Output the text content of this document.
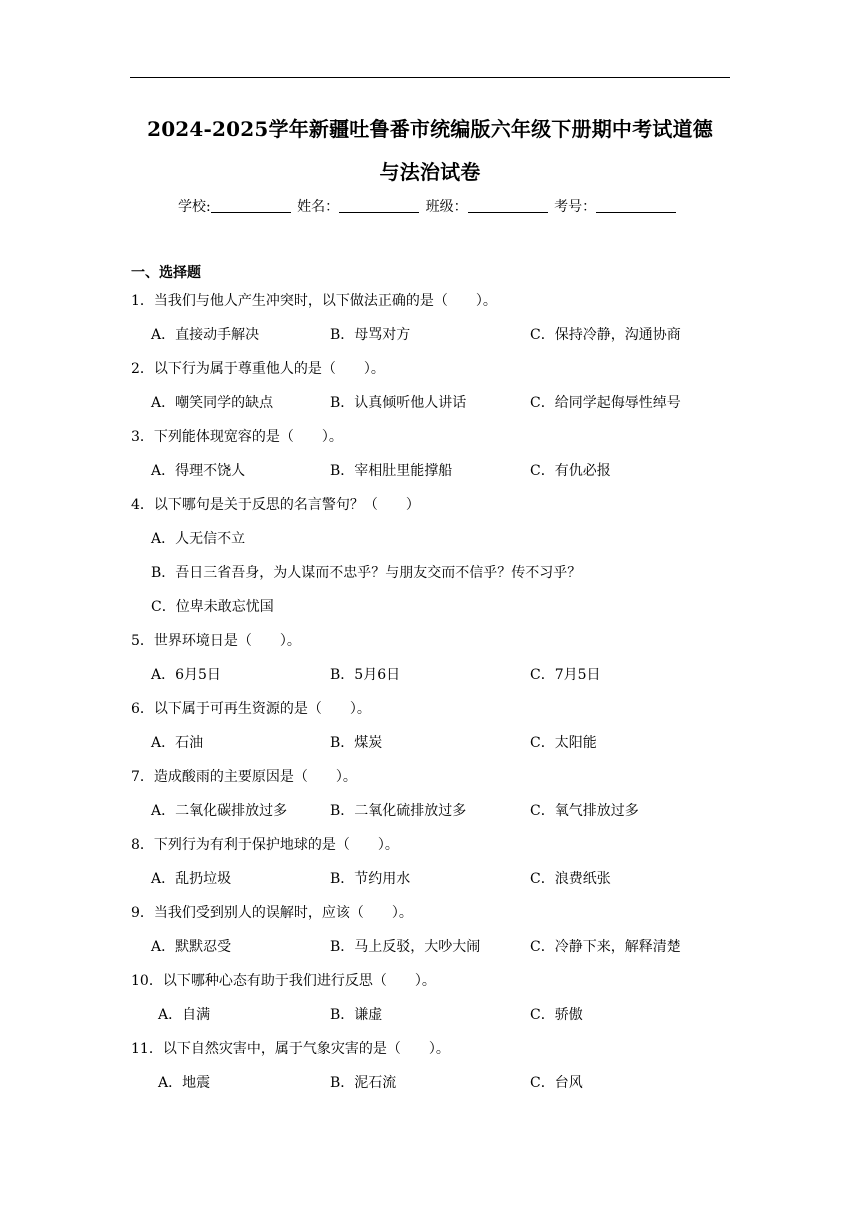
2024-2025学年新疆吐鲁番市统编版六年级下册期中考试道德
与法治试卷
学校:	姓名：	班级：	考号：
一、选择题
1．当我们与他人产生冲突时，以下做法正确的是（　　）。
A．直接动手解决	B．母骂对方	C．保持冷静，沟通协商
2．以下行为属于尊重他人的是（　　）。
A．嘲笑同学的缺点	B．认真倾听他人讲话	C．给同学起侮辱性绰号
3．下列能体现宽容的是（　　）。
A．得理不饶人	B．宰相肚里能撑船	C．有仇必报
4．以下哪句是关于反思的名言警句？（　　）
A．人无信不立
B．吾日三省吾身，为人谋而不忠乎？与朋友交而不信乎？传不习乎？
C．位卑未敢忘忧国
5．世界环境日是（　　）。
A．6月5日	B．5月6日	C．7月5日
6．以下属于可再生资源的是（　　）。
A．石油	B．煤炭	C．太阳能
7．造成酸雨的主要原因是（　　）。
A．二氧化碳排放过多	B．二氧化硫排放过多	C．氧气排放过多
8．下列行为有利于保护地球的是（　　）。
A．乱扔垃圾	B．节约用水	C．浪费纸张
9．当我们受到别人的误解时，应该（　　）。
A．默默忍受	B．马上反驳，大吵大闹	C．冷静下来，解释清楚
10．以下哪种心态有助于我们进行反思（　　）。
A．自满	B．谦虚	C．骄傲
11．以下自然灾害中，属于气象灾害的是（　　）。
A．地震	B．泥石流	C．台风
